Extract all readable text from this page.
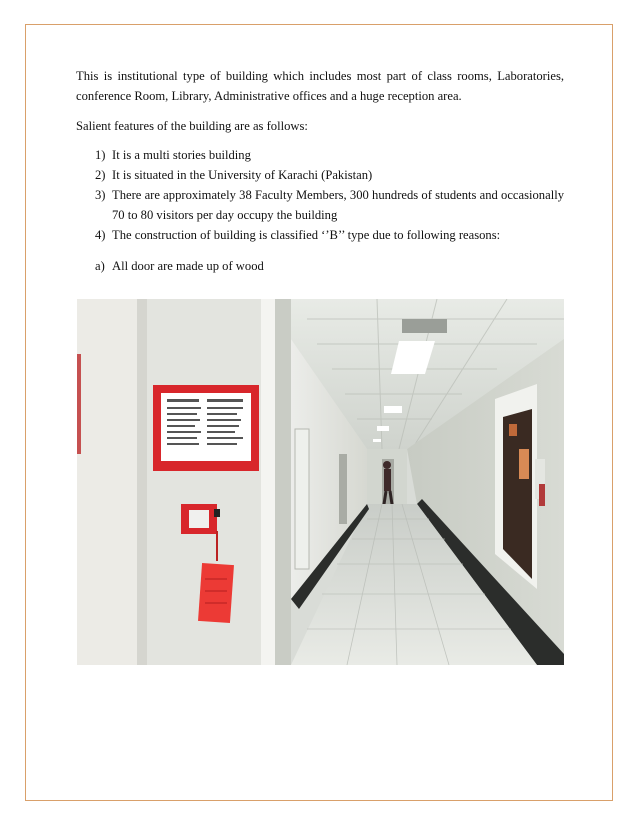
This is institutional type of building which includes most part of class rooms, Laboratories, conference Room, Library, Administrative offices and a huge reception area.

Salient features of the building are as follows:

1) It is a multi stories building
2) It is situated in the University of Karachi (Pakistan)
3) There are approximately 38 Faculty Members, 300 hundreds of students and occasionally 70 to 80 visitors per day occupy the building
4) The construction of building is classified ‘’B’’ type due to following reasons:
a) All door are made up of wood
